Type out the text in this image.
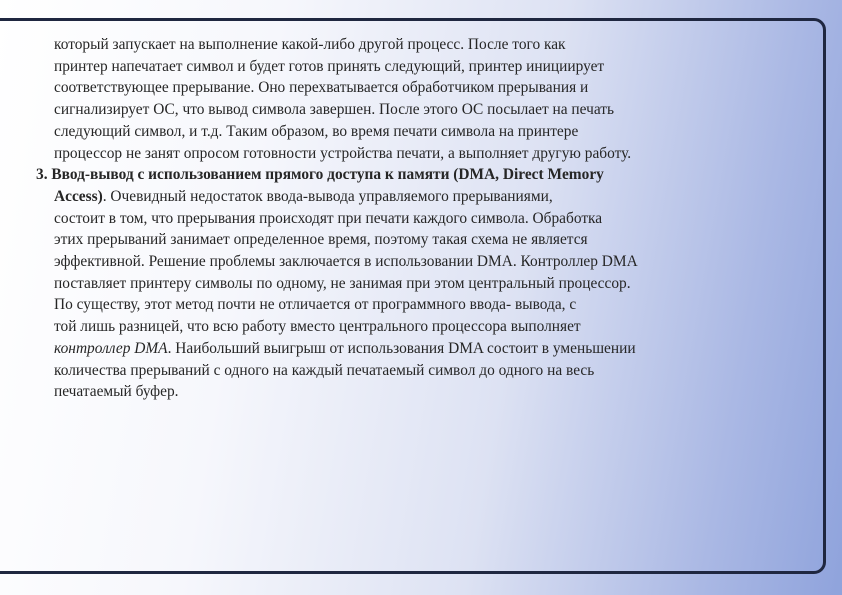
который запускает на выполнение какой-либо другой процесс. После того как
принтер напечатает символ и будет готов принять следующий, принтер инициирует
соответствующее прерывание. Оно перехватывается обработчиком прерывания и
сигнализирует ОС, что вывод символа завершен. После этого ОС посылает на печать
следующий символ, и т.д. Таким образом, во время печати символа на принтере
процессор не занят опросом готовности устройства печати, а выполняет другую работу.
3. Ввод-вывод с использованием прямого доступа к памяти (DMA, Direct Memory
Access). Очевидный недостаток ввода-вывода управляемого прерываниями,
состоит в том, что прерывания происходят при печати каждого символа. Обработка
этих прерываний занимает определенное время, поэтому такая схема не является
эффективной. Решение проблемы заключается в использовании DMA. Контроллер DMA
поставляет принтеру символы по одному, не занимая при этом центральный процессор.
По существу, этот метод почти не отличается от программного ввода- вывода, с
той лишь разницей, что всю работу вместо центрального процессора выполняет
контроллер DMA. Наибольший выигрыш от использования DMA состоит в уменьшении
количества прерываний с одного на каждый печатаемый символ до одного на весь
печатаемый буфер.
